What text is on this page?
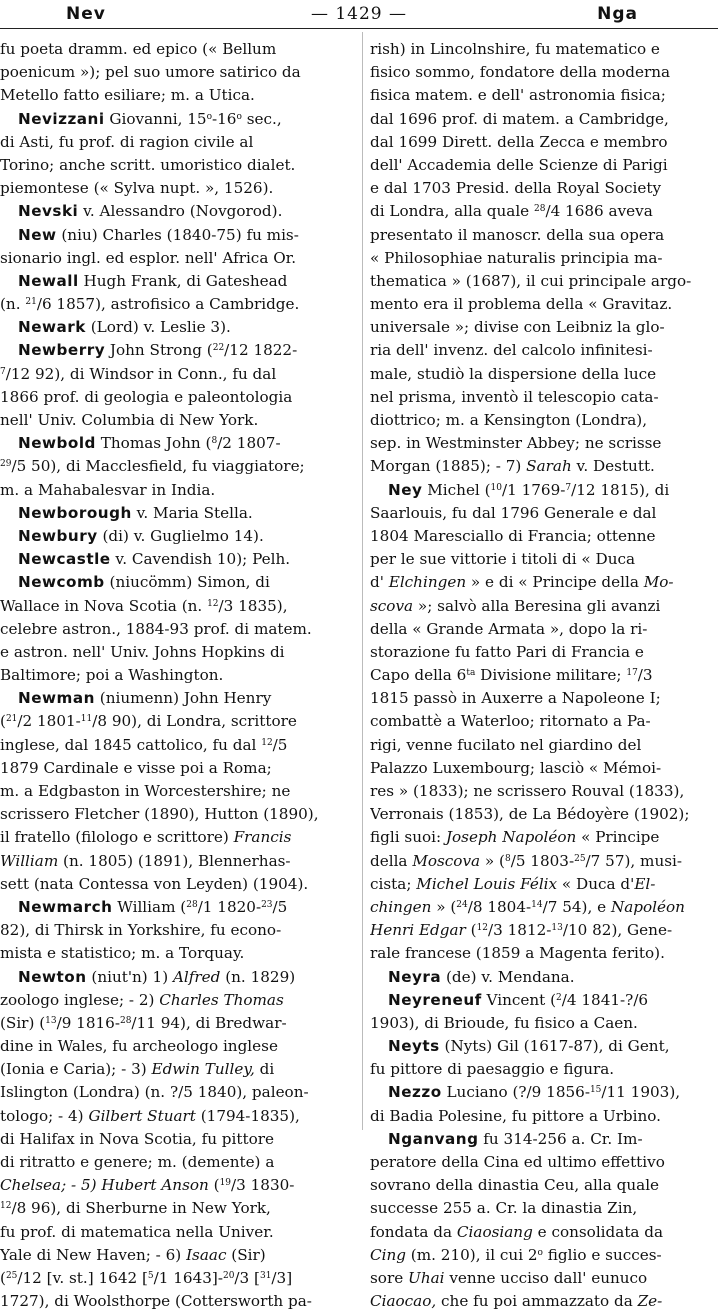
Nev	— 1429 —	Nga
fu poeta dramm. ed epico (« Bellum
poenicum »); pel suo umore satirico da
Metello fatto esiliare; m. a Utica.
Nevizzani Giovanni, 15$^o$-16$^o$ sec.,
di Asti, fu prof. di ragion civile al
Torino; anche scritt. umoristico dialet.
piemontese (« Sylva nupt. », 1526).
Nevski v. Alessandro (Novgorod).
New (niu) Charles (1840-75) fu mis-
sionario ingl. ed esplor. nell' Africa Or.
Newall Hugh Frank, di Gateshead
(n. $^{21}$/6 1857), astrofisico a Cambridge.
Newark (Lord) v. Leslie 3).
Newberry John Strong ($^{22}$/12 1822-
$^7$/12 92), di Windsor in Conn., fu dal
1866 prof. di geologia e paleontologia
nell' Univ. Columbia di New York.
Newbold Thomas John ($^8$/2 1807-
$^{29}$/5 50), di Macclesfield, fu viaggiatore;
m. a Mahabalesvar in India.
Newborough v. Maria Stella.
Newbury (di) v. Guglielmo 14).
Newcastle v. Cavendish 10); Pelh.
Newcomb (niucömm) Simon, di
Wallace in Nova Scotia (n. $^{12}$/3 1835),
celebre astron., 1884-93 prof. di matem.
e astron. nell' Univ. Johns Hopkins di
Baltimore; poi a Washington.
Newman (niumenn) John Henry
($^{21}$/2 1801-$^{11}$/8 90), di Londra, scrittore
inglese, dal 1845 cattolico, fu dal $^{12}$/5
1879 Cardinale e visse poi a Roma;
m. a Edgbaston in Worcestershire; ne
scrissero Fletcher (1890), Hutton (1890),
il fratello (filologo e scrittore) Francis
William (n. 1805) (1891), Blennerhas-
sett (nata Contessa von Leyden) (1904).
Newmarch William ($^{28}$/1 1820-$^{23}$/5
82), di Thirsk in Yorkshire, fu econo-
mista e statistico; m. a Torquay.
Newton (niut'n) 1) Alfred (n. 1829)
zoologo inglese; - 2) Charles Thomas
(Sir) ($^{13}$/9 1816-$^{28}$/11 94), di Bredwar-
dine in Wales, fu archeologo inglese
(Ionia e Caria); - 3) Edwin Tulley, di
Islington (Londra) (n. ?/5 1840), paleon-
tologo; - 4) Gilbert Stuart (1794-1835),
di Halifax in Nova Scotia, fu pittore
di ritratto e genere; m. (demente) a
Chelsea; - 5) Hubert Anson ($^{19}$/3 1830-
$^{12}$/8 96), di Sherburne in New York,
fu prof. di matematica nella Univer.
Yale di New Haven; - 6) Isaac (Sir)
($^{25}$/12 [v. st.] 1642 [$^5$/1 1643]-$^{20}$/3 [$^{31}$/3]
1727), di Woolsthorpe (Cottersworth pa-
rish) in Lincolnshire, fu matematico e
fisico sommo, fondatore della moderna
fisica matem. e dell' astronomia fisica;
dal 1696 prof. di matem. a Cambridge,
dal 1699 Dirett. della Zecca e membro
dell' Accademia delle Scienze di Parigi
e dal 1703 Presid. della Royal Society
di Londra, alla quale $^{28}$/4 1686 aveva
presentato il manoscr. della sua opera
« Philosophiae naturalis principia ma-
thematica » (1687), il cui principale argo-
mento era il problema della « Gravitaz.
universale »; divise con Leibniz la glo-
ria dell' invenz. del calcolo infinitesi-
male, studiò la dispersione della luce
nel prisma, inventò il telescopio cata-
diottrico; m. a Kensington (Londra),
sep. in Westminster Abbey; ne scrisse
Morgan (1885); - 7) Sarah v. Destutt.
Ney Michel ($^{10}$/1 1769-$^7$/12 1815), di
Saarlouis, fu dal 1796 Generale e dal
1804 Maresciallo di Francia; ottenne
per le sue vittorie i titoli di « Duca
d' Elchingen » e di « Principe della Mo-
scova »; salvò alla Beresina gli avanzi
della « Grande Armata », dopo la ri-
storazione fu fatto Pari di Francia e
Capo della $6^{ta}$ Divisione militare; $^{17}$/3
1815 passò in Auxerre a Napoleone I;
combattè a Waterloo; ritornato a Pa-
rigi, venne fucilato nel giardino del
Palazzo Luxembourg; lasciò « Mémoi-
res » (1833); ne scrissero Rouval (1833),
Verronais (1853), de La Bédoyère (1902);
figli suoi: Joseph Napoléon « Principe
della Moscova » ($^8$/5 1803-$^{25}$/7 57), musi-
cista; Michel Louis Félix « Duca d'El-
chingen » ($^{24}$/8 1804-$^{14}$/7 54), e Napoléon
Henri Edgar ($^{12}$/3 1812-$^{13}$/10 82), Gene-
rale francese (1859 a Magenta ferito).
Neyra (de) v. Mendana.
Neyreneuf Vincent ($^2$/4 1841-?/6
1903), di Brioude, fu fisico a Caen.
Neyts (Nyts) Gil (1617-87), di Gent,
fu pittore di paesaggio e figura.
Nezzo Luciano (?/9 1856-$^{15}$/11 1903),
di Badia Polesine, fu pittore a Urbino.
Nganvang fu 314-256 a. Cr. Im-
peratore della Cina ed ultimo effettivo
sovrano della dinastia Ceu, alla quale
successe 255 a. Cr. la dinastia Zin,
fondata da Ciaosiang e consolidata da
Cing (m. 210), il cui 2$^o$ figlio e succes-
sore Uhai venne ucciso dall' eunuco
Ciaocao, che fu poi ammazzato da Ze-
